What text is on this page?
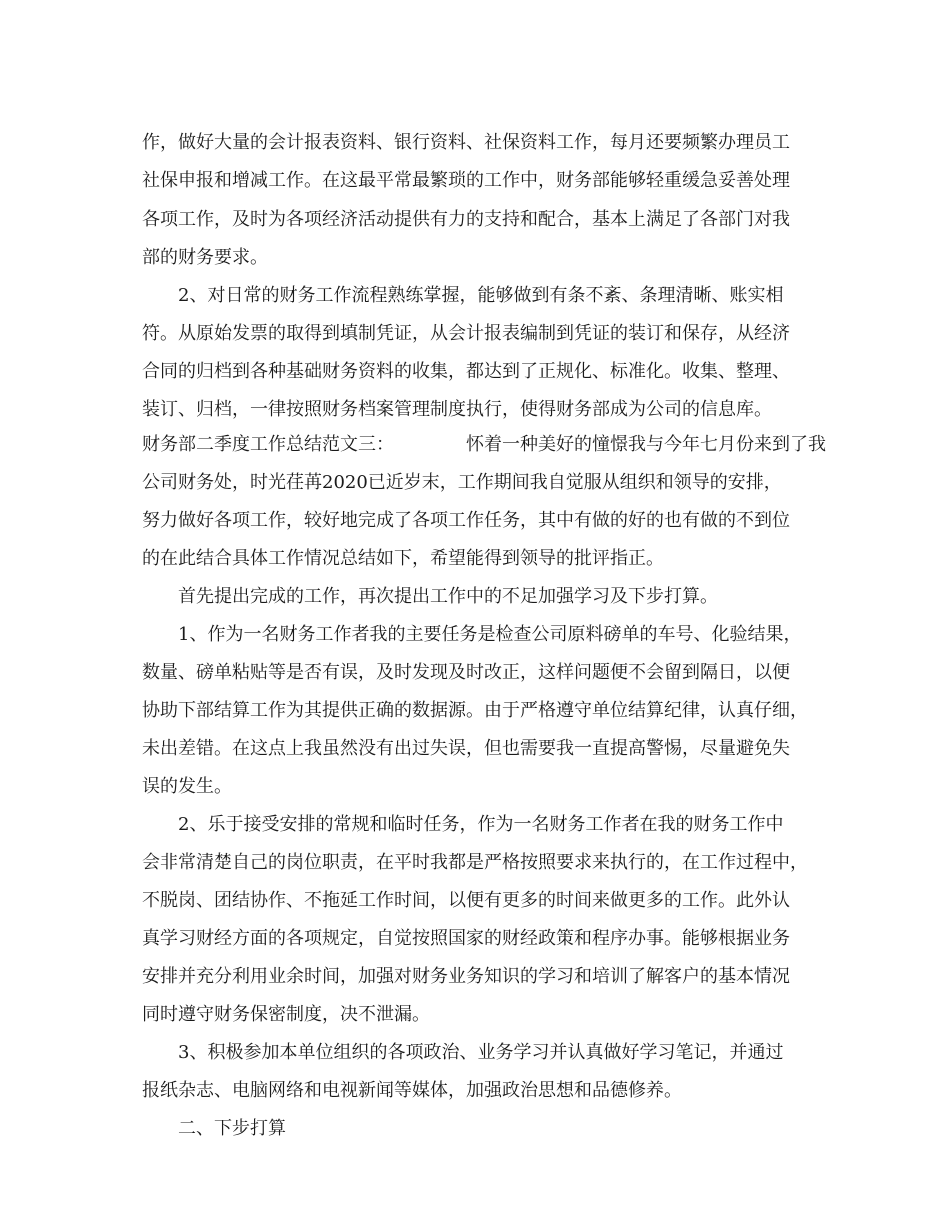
作，做好大量的会计报表资料、银行资料、社保资料工作，每月还要频繁办理员工
社保申报和增减工作。在这最平常最繁琐的工作中，财务部能够轻重缓急妥善处理
各项工作，及时为各项经济活动提供有力的支持和配合，基本上满足了各部门对我
部的财务要求。
2、对日常的财务工作流程熟练掌握，能够做到有条不紊、条理清晰、账实相
符。从原始发票的取得到填制凭证，从会计报表编制到凭证的装订和保存，从经济
合同的归档到各种基础财务资料的收集，都达到了正规化、标准化。收集、整理、
装订、归档，一律按照财务档案管理制度执行，使得财务部成为公司的信息库。
财务部二季度工作总结范文三：	怀着一种美好的憧憬我与今年七月份来到了我
公司财务处，时光荏苒2020已近岁末，工作期间我自觉服从组织和领导的安排，
努力做好各项工作，较好地完成了各项工作任务，其中有做的好的也有做的不到位
的在此结合具体工作情况总结如下，希望能得到领导的批评指正。
首先提出完成的工作，再次提出工作中的不足加强学习及下步打算。
1、作为一名财务工作者我的主要任务是检查公司原料磅单的车号、化验结果，
数量、磅单粘贴等是否有误，及时发现及时改正，这样问题便不会留到隔日，以便
协助下部结算工作为其提供正确的数据源。由于严格遵守单位结算纪律，认真仔细，
未出差错。在这点上我虽然没有出过失误，但也需要我一直提高警惕，尽量避免失
误的发生。
2、乐于接受安排的常规和临时任务，作为一名财务工作者在我的财务工作中
会非常清楚自己的岗位职责，在平时我都是严格按照要求来执行的，在工作过程中，
不脱岗、团结协作、不拖延工作时间，以便有更多的时间来做更多的工作。此外认
真学习财经方面的各项规定，自觉按照国家的财经政策和程序办事。能够根据业务
安排并充分利用业余时间，加强对财务业务知识的学习和培训了解客户的基本情况
同时遵守财务保密制度，决不泄漏。
3、积极参加本单位组织的各项政治、业务学习并认真做好学习笔记，并通过
报纸杂志、电脑网络和电视新闻等媒体，加强政治思想和品德修养。
二、下步打算
